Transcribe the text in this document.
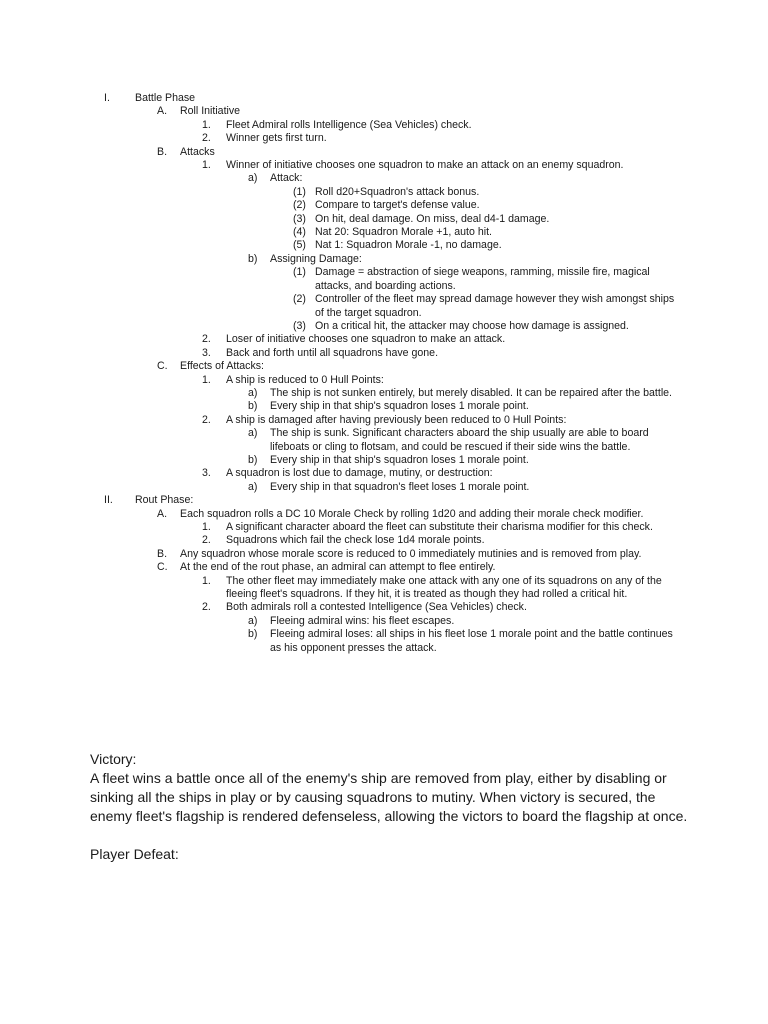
I. Battle Phase
A. Roll Initiative
1. Fleet Admiral rolls Intelligence (Sea Vehicles) check.
2. Winner gets first turn.
B. Attacks
1. Winner of initiative chooses one squadron to make an attack on an enemy squadron.
a) Attack:
(1) Roll d20+Squadron's attack bonus.
(2) Compare to target's defense value.
(3) On hit, deal damage. On miss, deal d4-1 damage.
(4) Nat 20: Squadron Morale +1, auto hit.
(5) Nat 1: Squadron Morale -1, no damage.
b) Assigning Damage:
(1) Damage = abstraction of siege weapons, ramming, missile fire, magical attacks, and boarding actions.
(2) Controller of the fleet may spread damage however they wish amongst ships of the target squadron.
(3) On a critical hit, the attacker may choose how damage is assigned.
2. Loser of initiative chooses one squadron to make an attack.
3. Back and forth until all squadrons have gone.
C. Effects of Attacks:
1. A ship is reduced to 0 Hull Points:
a) The ship is not sunken entirely, but merely disabled. It can be repaired after the battle.
b) Every ship in that ship's squadron loses 1 morale point.
2. A ship is damaged after having previously been reduced to 0 Hull Points:
a) The ship is sunk. Significant characters aboard the ship usually are able to board lifeboats or cling to flotsam, and could be rescued if their side wins the battle.
b) Every ship in that ship's squadron loses 1 morale point.
3. A squadron is lost due to damage, mutiny, or destruction:
a) Every ship in that squadron's fleet loses 1 morale point.
II. Rout Phase:
A. Each squadron rolls a DC 10 Morale Check by rolling 1d20 and adding their morale check modifier.
1. A significant character aboard the fleet can substitute their charisma modifier for this check.
2. Squadrons which fail the check lose 1d4 morale points.
B. Any squadron whose morale score is reduced to 0 immediately mutinies and is removed from play.
C. At the end of the rout phase, an admiral can attempt to flee entirely.
1. The other fleet may immediately make one attack with any one of its squadrons on any of the fleeing fleet's squadrons. If they hit, it is treated as though they had rolled a critical hit.
2. Both admirals roll a contested Intelligence (Sea Vehicles) check.
a) Fleeing admiral wins: his fleet escapes.
b) Fleeing admiral loses: all ships in his fleet lose 1 morale point and the battle continues as his opponent presses the attack.

Victory:

A fleet wins a battle once all of the enemy's ship are removed from play, either by disabling or sinking all the ships in play or by causing squadrons to mutiny. When victory is secured, the enemy fleet's flagship is rendered defenseless, allowing the victors to board the flagship at once.

Player Defeat:
